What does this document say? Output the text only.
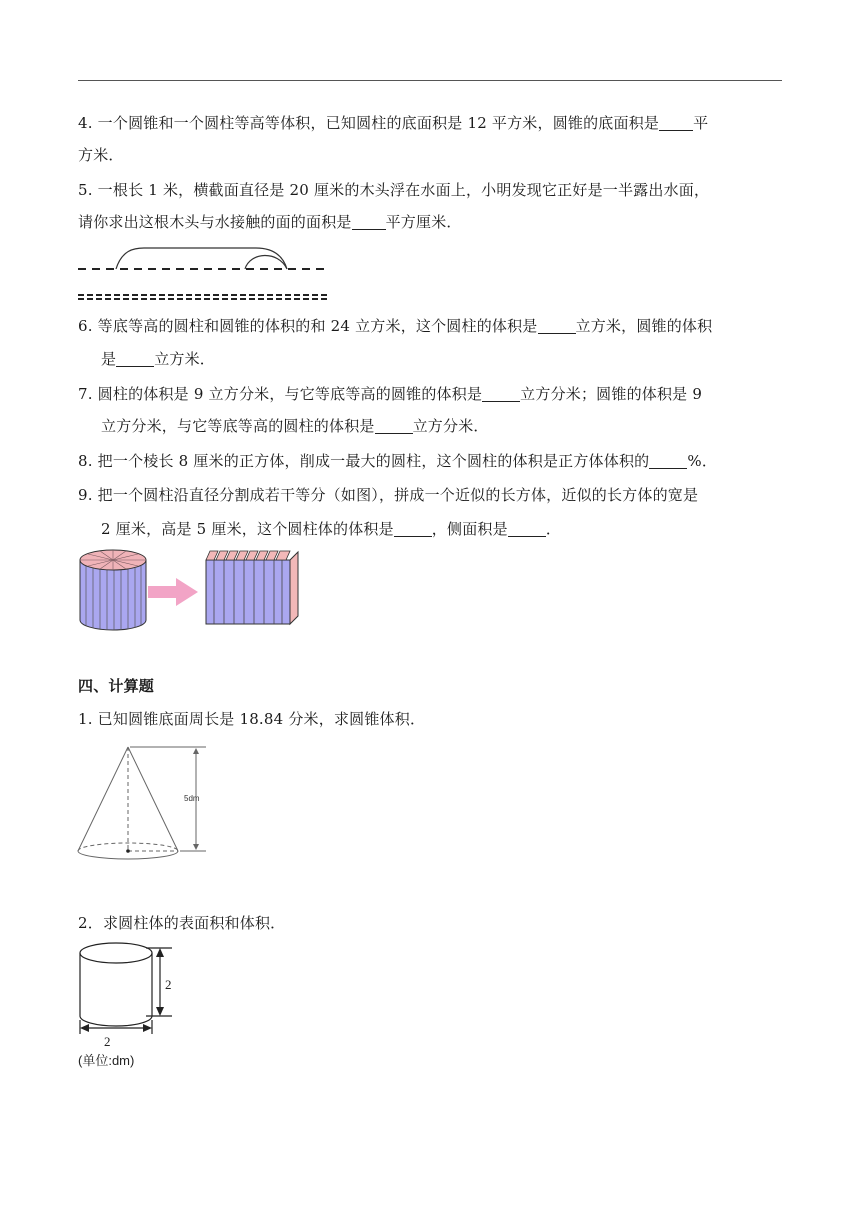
4. 一个圆锥和一个圆柱等高等体积，已知圆柱的底面积是 12 平方米，圆锥的底面积是 平
方米．
5. 一根长 1 米，横截面直径是 20 厘米的木头浮在水面上，小明发现它正好是一半露出水面，
请你求出这根木头与水接触的面的面积是 平方厘米．
6. 等底等高的圆柱和圆锥的体积的和 24 立方米，这个圆柱的体积是	立方米，圆锥的体积
是	立方米．
7. 圆柱的体积是 9 立方分米，与它等底等高的圆锥的体积是	立方分米；圆锥的体积是 9
立方分米，与它等底等高的圆柱的体积是	立方分米．
8. 把一个棱长 8 厘米的正方体，削成一最大的圆柱，这个圆柱的体积是正方体体积的	%．
9. 把一个圆柱沿直径分割成若干等分（如图），拼成一个近似的长方体，近似的长方体的宽是
2 厘米，高是 5 厘米，这个圆柱体的体积是	，侧面积是	．
四、计算题
1. 已知圆锥底面周长是 18.84 分米，求圆锥体积．
5dm
2．求圆柱体的表面积和体积．
2
2
(单位:dm)
